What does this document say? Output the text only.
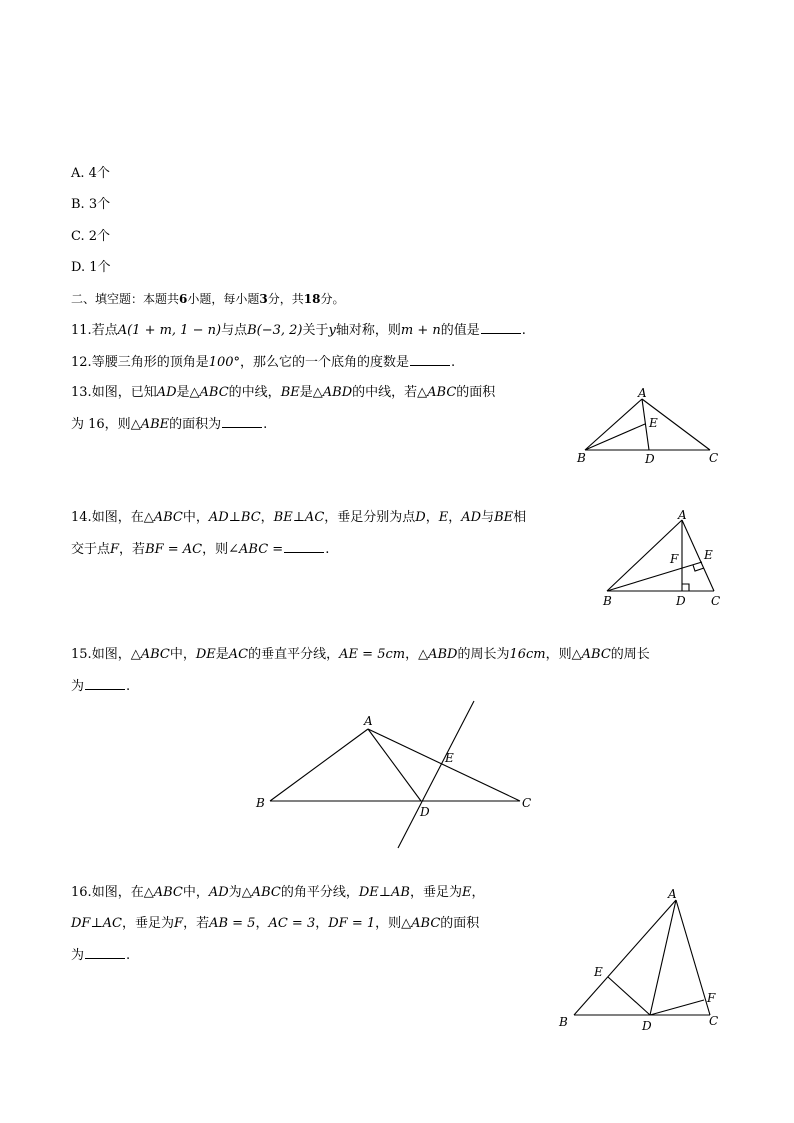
A. 4个
B. 3个
C. 2个
D. 1个
二、填空题：本题共6小题，每小题3分，共18分。
11.若点A(1 + m, 1 − n)与点B(−3, 2)关于y轴对称，则m + n的值是	.
12.等腰三角形的顶角是100°，那么它的一个底角的度数是	.
13.如图，已知AD是△ABC的中线，BE是△ABD的中线，若△ABC的面积
为 16，则△ABE的面积为	.
A
B	C
D
E
14.如图，在△ABC中，AD⊥BC，BE⊥AC，垂足分别为点D，E，AD与BE相
交于点F，若BF = AC，则∠ABC =	.
A
B	C
D
E
F
15.如图，△ABC中，DE是AC的垂直平分线，AE = 5cm，△ABD的周长为16cm，则△ABC的周长
为	.
A
B	C
D
E
16.如图，在△ABC中，AD为△ABC的角平分线，DE⊥AB，垂足为E，
DF⊥AC，垂足为F，若AB = 5，AC = 3，DF = 1，则△ABC的面积
为	.
A
B	C
D
E
F
